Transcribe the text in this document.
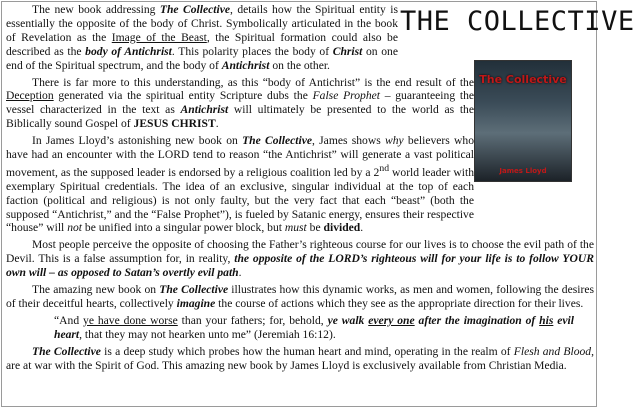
THE COLLECTIVE
The Collective
James Lloyd

The new book addressing The Collective, details how the Spiritual entity is essentially the opposite of the body of Christ. Symbolically articulated in the book of Revelation as the Image of the Beast, the Spiritual formation could also be described as the body of Antichrist. This polarity places the body of Christ on one end of the Spiritual spectrum, and the body of Antichrist on the other.

There is far more to this understanding, as this “body of Antichrist” is the end result of the Deception generated via the spiritual entity Scripture dubs the False Prophet – guaranteeing the vessel characterized in the text as Antichrist will ultimately be presented to the world as the Biblically sound Gospel of JESUS CHRIST.

In James Lloyd’s astonishing new book on The Collective, James shows why believers who have had an encounter with the LORD tend to reason “the Antichrist” will generate a vast political movement, as the supposed leader is endorsed by a religious coalition led by a 2nd world leader with exemplary Spiritual credentials. The idea of an exclusive, singular individual at the top of each faction (political and religious) is not only faulty, but the very fact that each “beast” (both the supposed “Antichrist,” and the “False Prophet”), is fueled by Satanic energy, ensures their respective “house” will not be unified into a singular power block, but must be divided.

Most people perceive the opposite of choosing the Father’s righteous course for our lives is to choose the evil path of the Devil. This is a false assumption for, in reality, the opposite of the LORD’s righteous will for your life is to follow YOUR own will – as opposed to Satan’s overtly evil path.

The amazing new book on The Collective illustrates how this dynamic works, as men and women, following the desires of their deceitful hearts, collectively imagine the course of actions which they see as the appropriate direction for their lives.

“And ye have done worse than your fathers; for, behold, ye walk every one after the imagination of his evil heart, that they may not hearken unto me” (Jeremiah 16:12).

The Collective is a deep study which probes how the human heart and mind, operating in the realm of Flesh and Blood, are at war with the Spirit of God. This amazing new book by James Lloyd is exclusively available from Christian Media.
